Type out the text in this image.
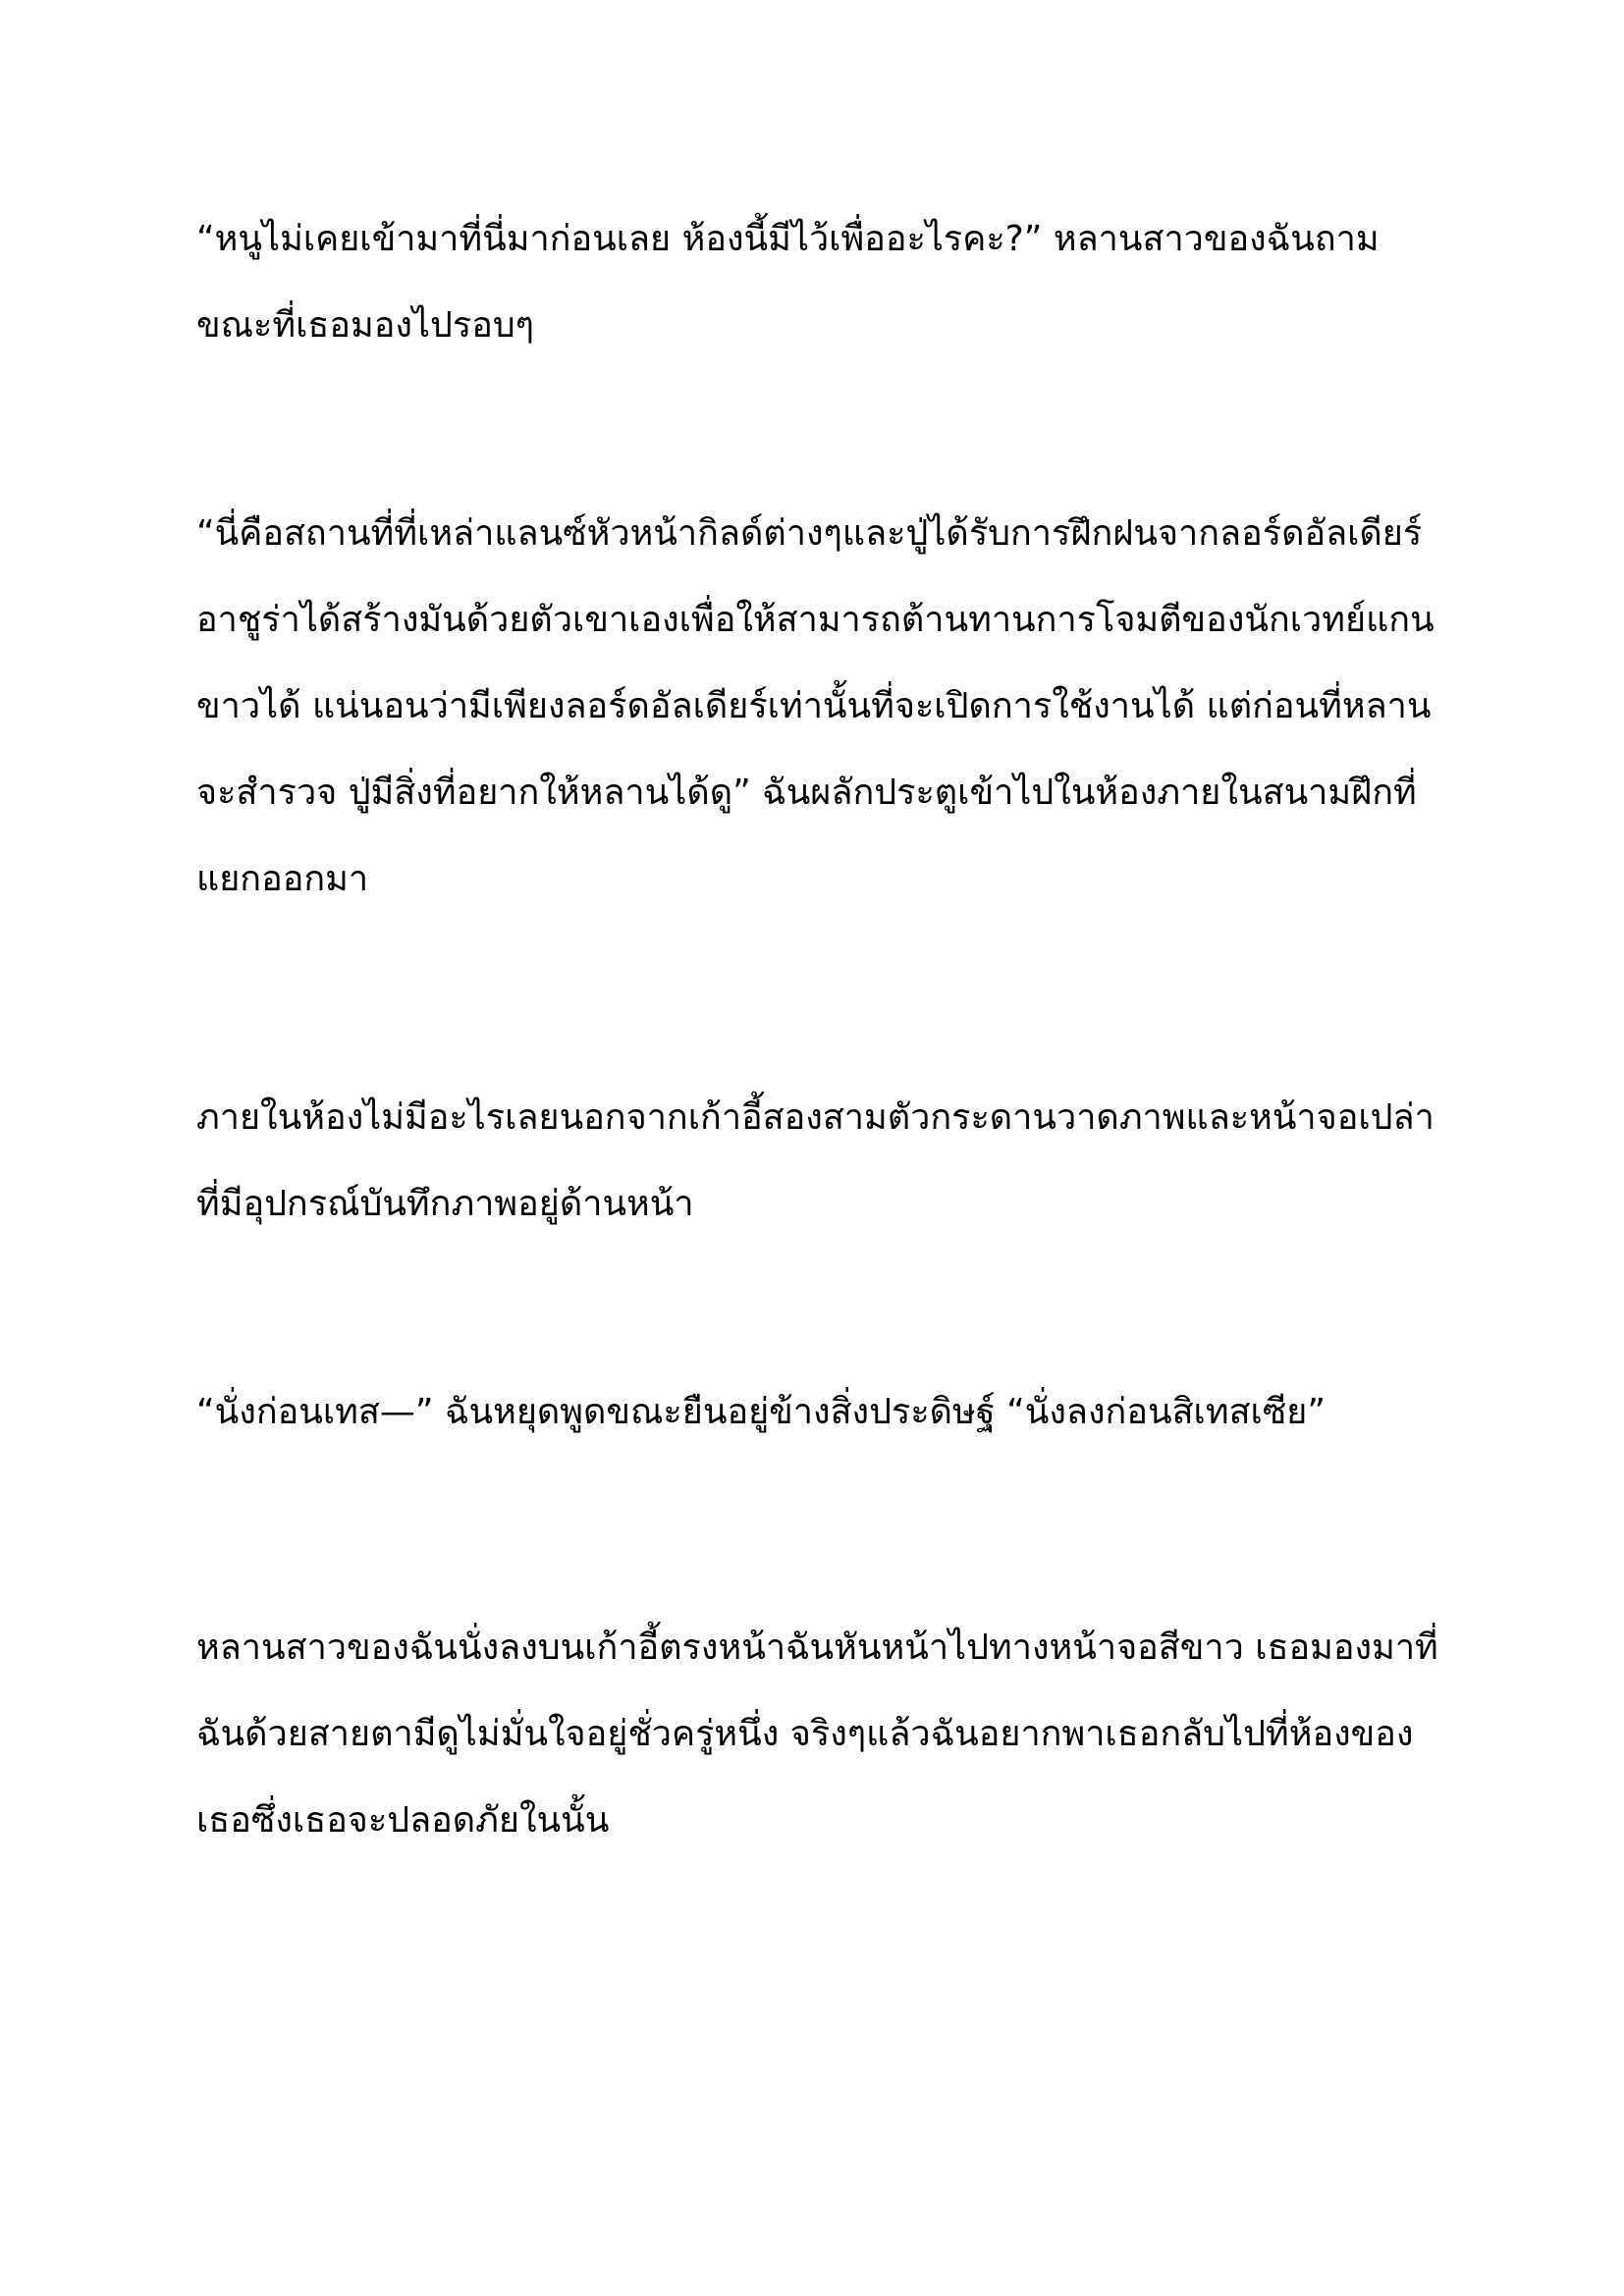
“หนูไม่เคยเข้ามาที่นี่มาก่อนเลย ห้องนี้มีไว้เพื่ออะไรคะ?” หลานสาวของฉันถาม
ขณะที่เธอมองไปรอบๆ

“นี่คือสถานที่ที่เหล่าแลนซ์หัวหน้ากิลด์ต่างๆและปู่ได้รับการฝึกฝนจากลอร์ดอัลเดียร์
อาชูร่าได้สร้างมันด้วยตัวเขาเองเพื่อให้สามารถต้านทานการโจมตีของนักเวทย์แกน
ขาวได้ แน่นอนว่ามีเพียงลอร์ดอัลเดียร์เท่านั้นที่จะเปิดการใช้งานได้ แต่ก่อนที่หลาน
จะสำรวจ ปู่มีสิ่งที่อยากให้หลานได้ดู” ฉันผลักประตูเข้าไปในห้องภายในสนามฝึกที่
แยกออกมา

ภายในห้องไม่มีอะไรเลยนอกจากเก้าอี้สองสามตัวกระดานวาดภาพและหน้าจอเปล่า
ที่มีอุปกรณ์บันทึกภาพอยู่ด้านหน้า

“นั่งก่อนเทส—” ฉันหยุดพูดขณะยืนอยู่ข้างสิ่งประดิษฐ์ “นั่งลงก่อนสิเทสเซีย”

หลานสาวของฉันนั่งลงบนเก้าอี้ตรงหน้าฉันหันหน้าไปทางหน้าจอสีขาว เธอมองมาที่
ฉันด้วยสายตามีดูไม่มั่นใจอยู่ชั่วครู่หนึ่ง จริงๆแล้วฉันอยากพาเธอกลับไปที่ห้องของ
เธอซึ่งเธอจะปลอดภัยในนั้น
